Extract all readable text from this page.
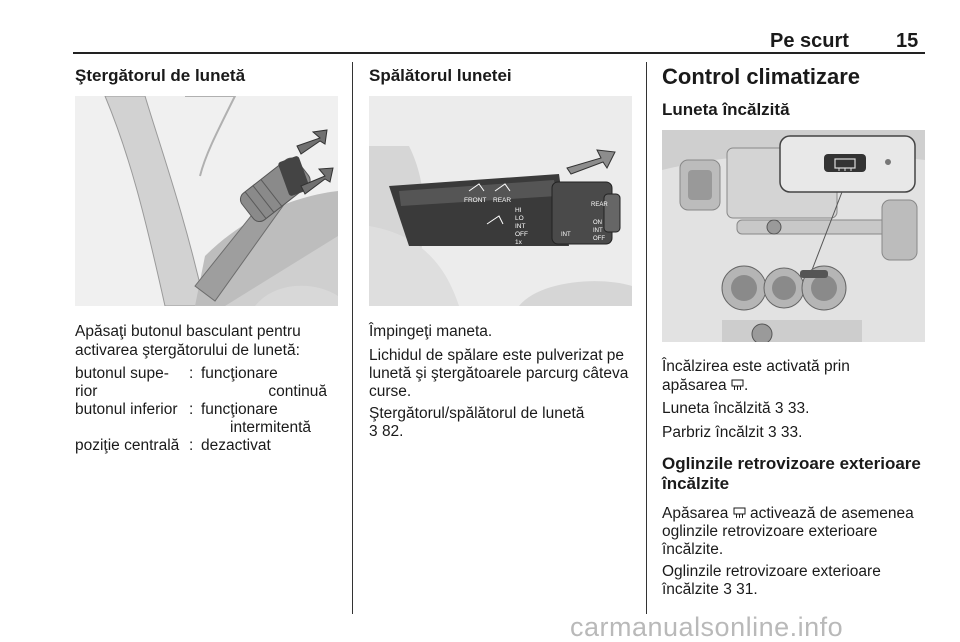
Pe scurt 15
Ştergătorul de lunetă
Apăsaţi butonul basculant pentru
activarea ştergătorului de lunetă:
butonul supe-
rior
: funcţionare
continuă
butonul inferior : funcţionare
intermitentă
poziţie centrală : dezactivat
Spălătorul lunetei
FRONT REAR
HI
LO
INT
OFF
1x
INT
REAR
ON
INT
OFF
Împingeţi maneta.
Lichidul de spălare este pulverizat pe
lunetă şi ştergătoarele parcurg câteva
curse.
Ştergătorul/spălătorul de lunetă
3 82.
Control climatizare
Luneta încălzită
Încălzirea este activată prin
apăsarea .
Luneta încălzită 3 33.
Parbriz încălzit 3 33.
Oglinzile retrovizoare exterioare
încălzite
Apăsarea activează de asemenea
oglinzile retrovizoare exterioare
încălzite.
Oglinzile retrovizoare exterioare
încălzite 3 31.
carmanualsonline.info
